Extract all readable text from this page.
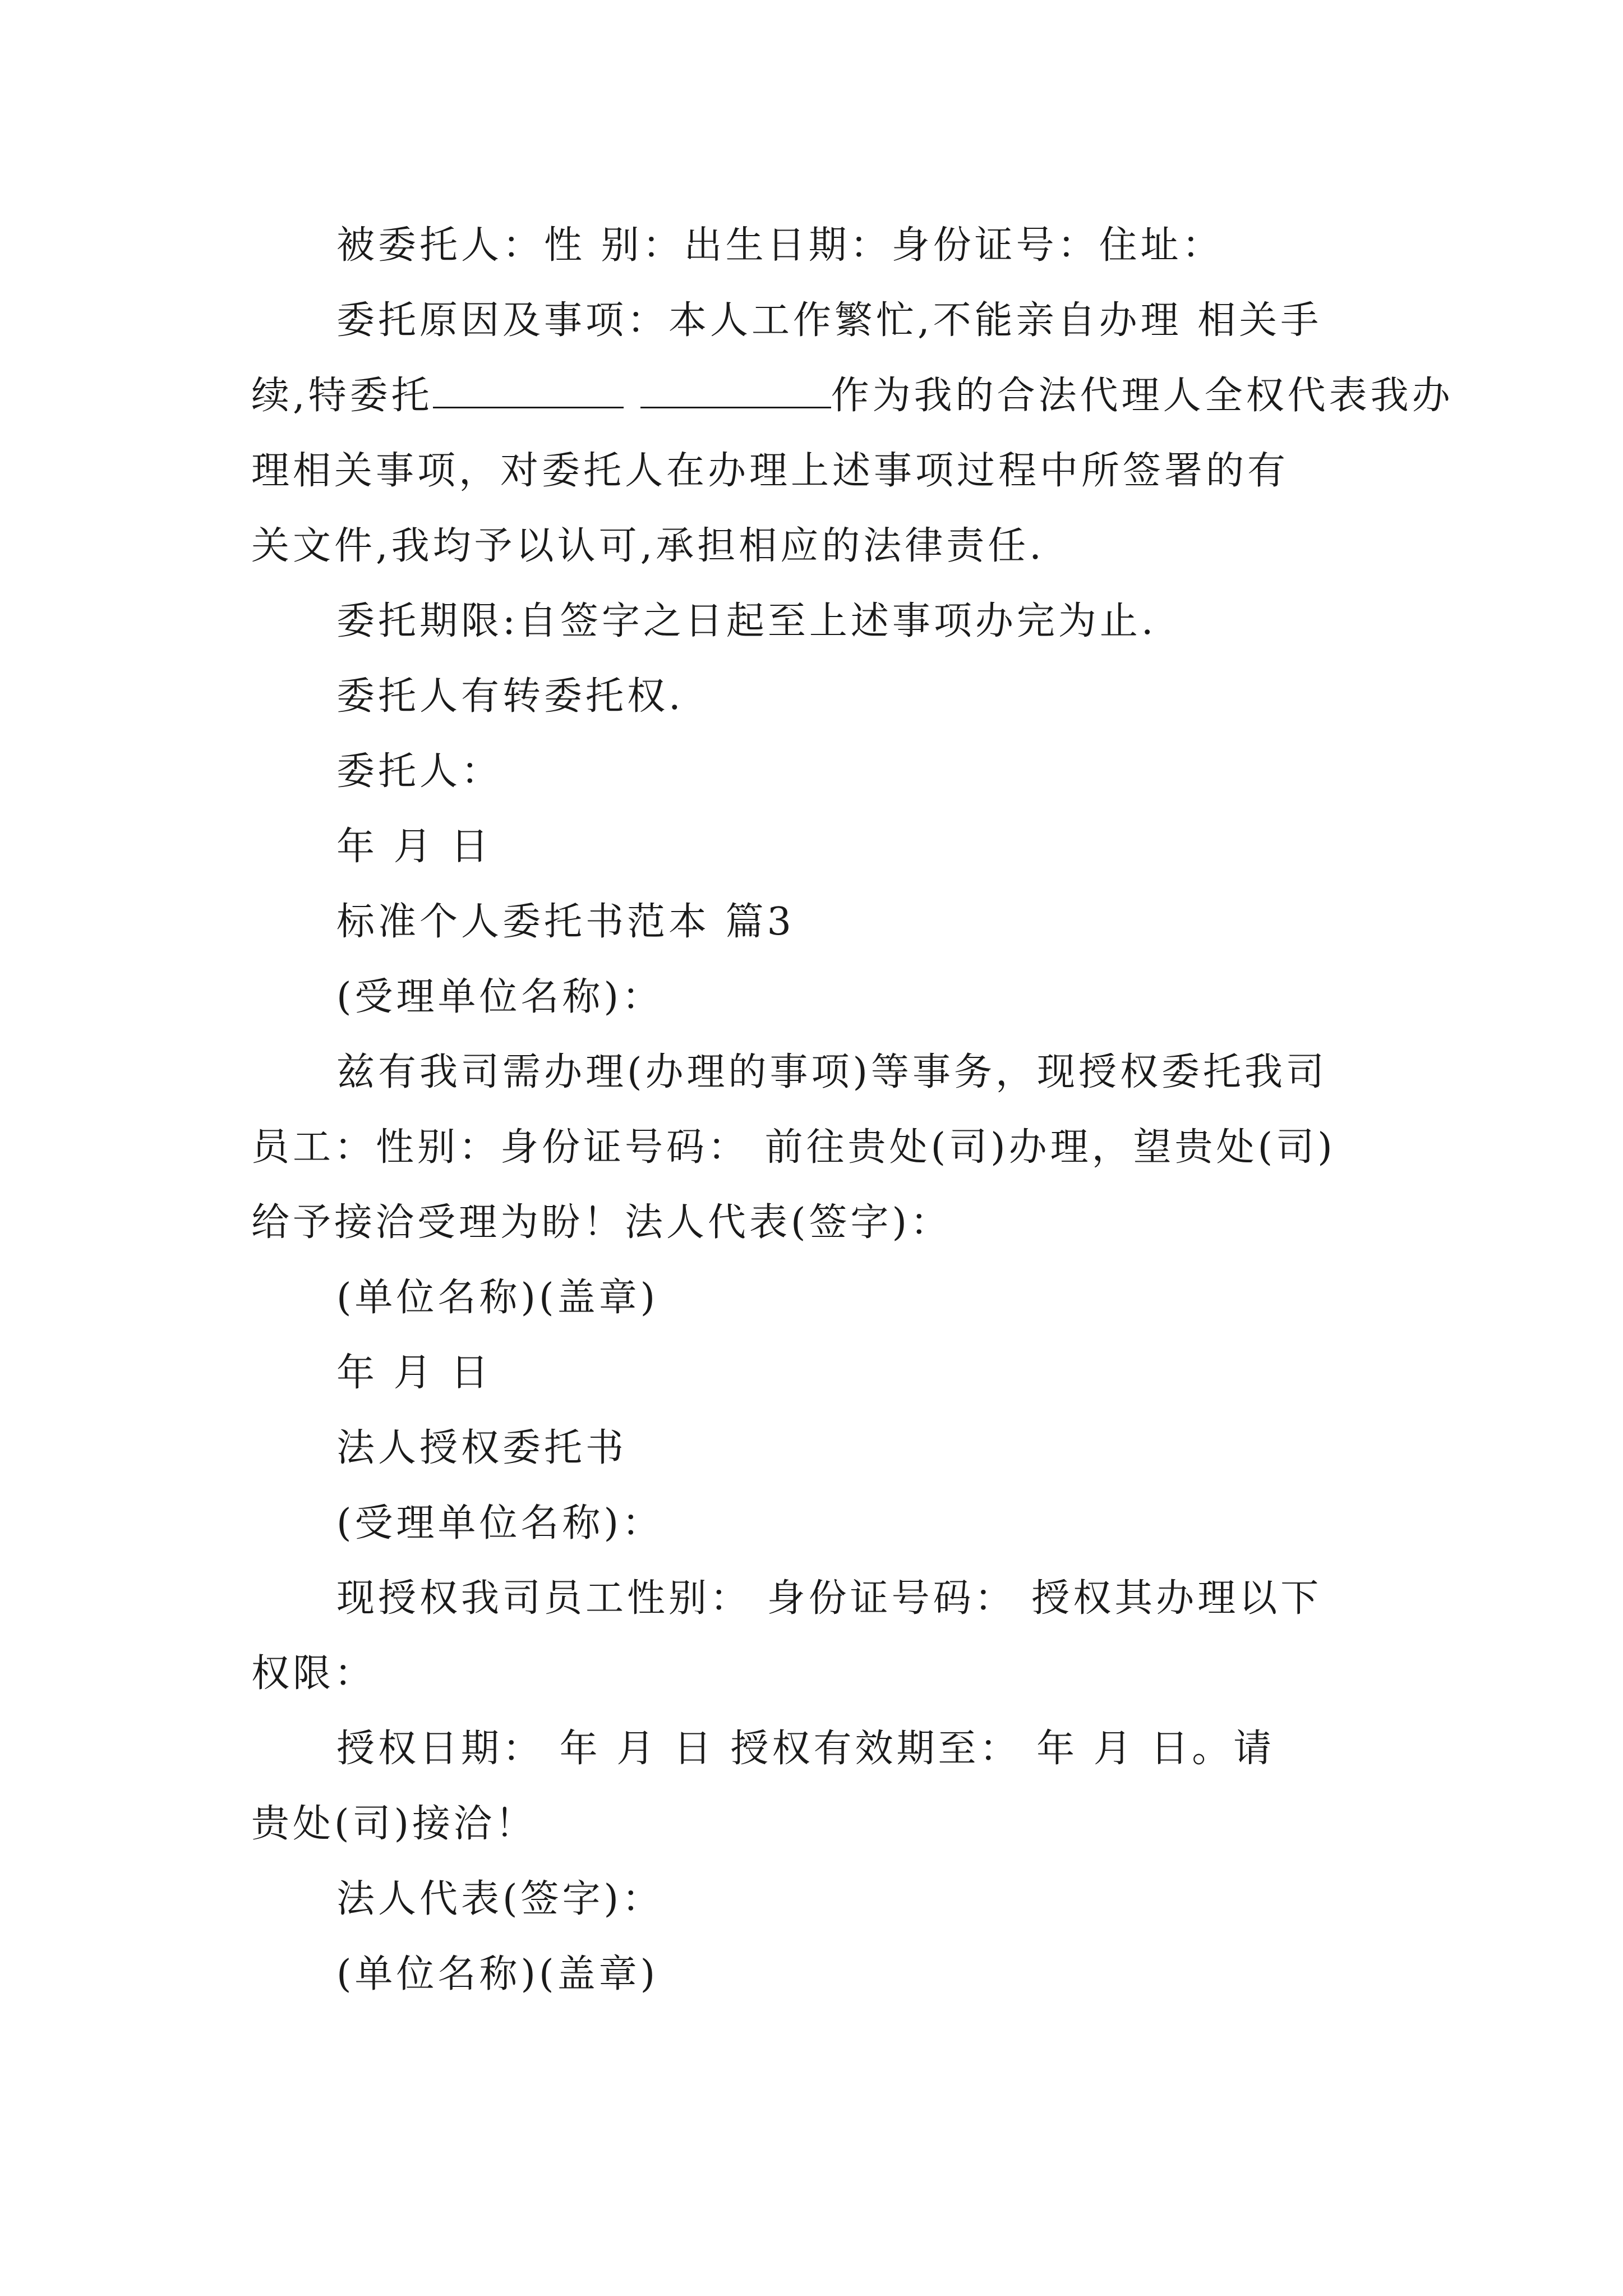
被委托人：性 别：出生日期：身份证号：住址：
委托原因及事项：本人工作繁忙,不能亲自办理 相关手
续,特委托	作为我的合法代理人全权代表我办
理相关事项，对委托人在办理上述事项过程中所签署的有
关文件,我均予以认可,承担相应的法律责任.
委托期限:自签字之日起至上述事项办完为止.
委托人有转委托权.
委托人：
年 月 日
标准个人委托书范本 篇3
(受理单位名称)：
兹有我司需办理(办理的事项)等事务，现授权委托我司
员工：性别：身份证号码： 前往贵处(司)办理，望贵处(司)
给予接洽受理为盼！法人代表(签字)：
(单位名称)(盖章)
年 月 日
法人授权委托书
(受理单位名称)：
现授权我司员工性别： 身份证号码： 授权其办理以下
权限：
授权日期： 年 月 日 授权有效期至： 年 月 日。请
贵处(司)接洽！
法人代表(签字)：
(单位名称)(盖章)
